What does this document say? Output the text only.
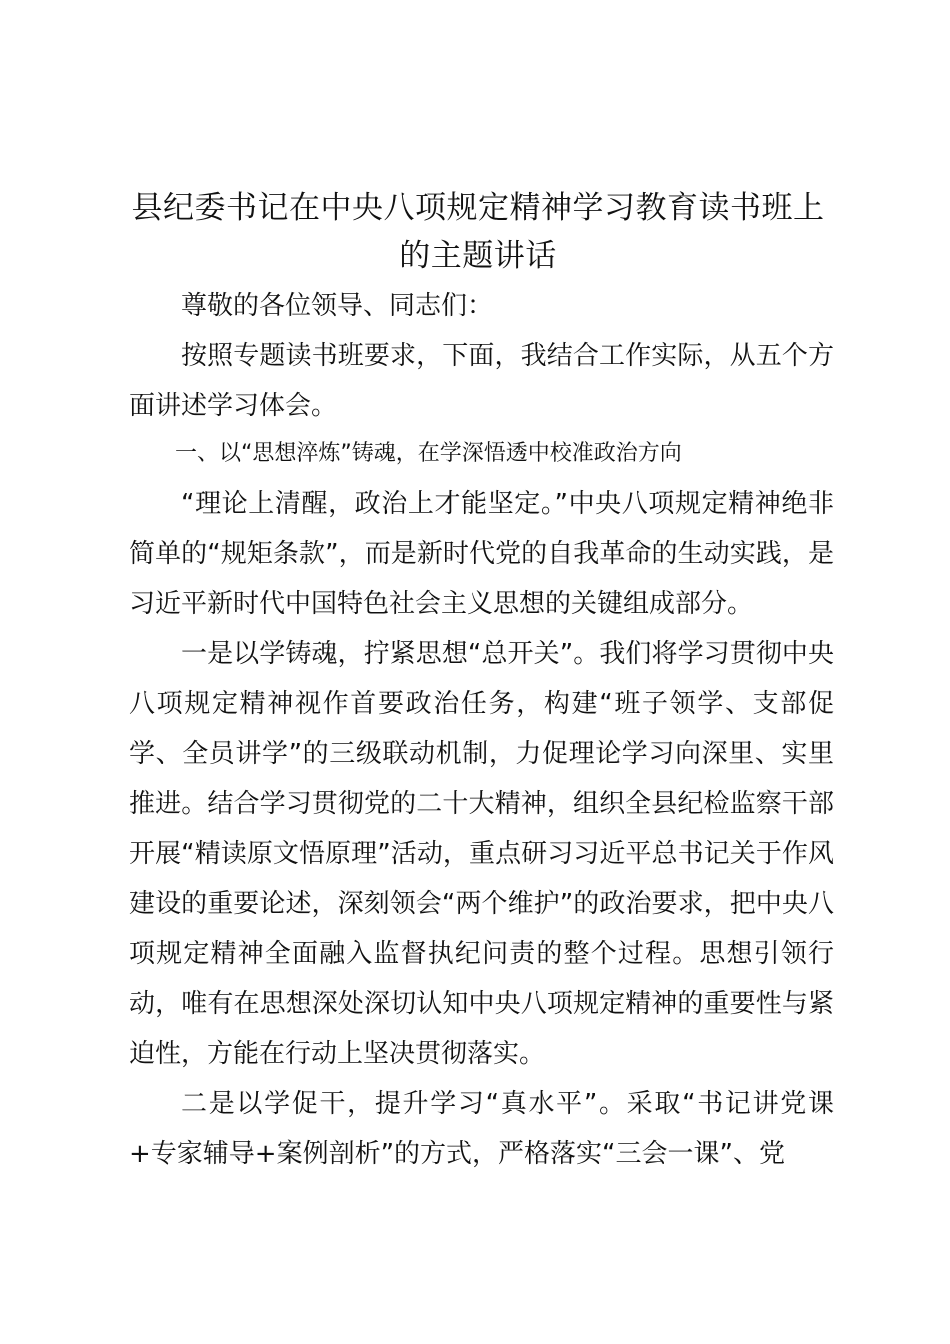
县纪委书记在中央八项规定精神学习教育读书班上的主题讲话

尊敬的各位领导、同志们：

按照专题读书班要求，下面，我结合工作实际，从五个方面讲述学习体会。

一、以“思想淬炼”铸魂，在学深悟透中校准政治方向

“理论上清醒，政治上才能坚定。”中央八项规定精神绝非简单的“规矩条款”，而是新时代党的自我革命的生动实践，是习近平新时代中国特色社会主义思想的关键组成部分。

一是以学铸魂，拧紧思想“总开关”。我们将学习贯彻中央八项规定精神视作首要政治任务，构建“班子领学、支部促学、全员讲学”的三级联动机制，力促理论学习向深里、实里推进。结合学习贯彻党的二十大精神，组织全县纪检监察干部开展“精读原文悟原理”活动，重点研习习近平总书记关于作风建设的重要论述，深刻领会“两个维护”的政治要求，把中央八项规定精神全面融入监督执纪问责的整个过程。思想引领行动，唯有在思想深处深切认知中央八项规定精神的重要性与紧迫性，方能在行动上坚决贯彻落实。

二是以学促干，提升学习“真水平”。采取“书记讲党课+专家辅导+案例剖析”的方式，严格落实“三会一课”、党
